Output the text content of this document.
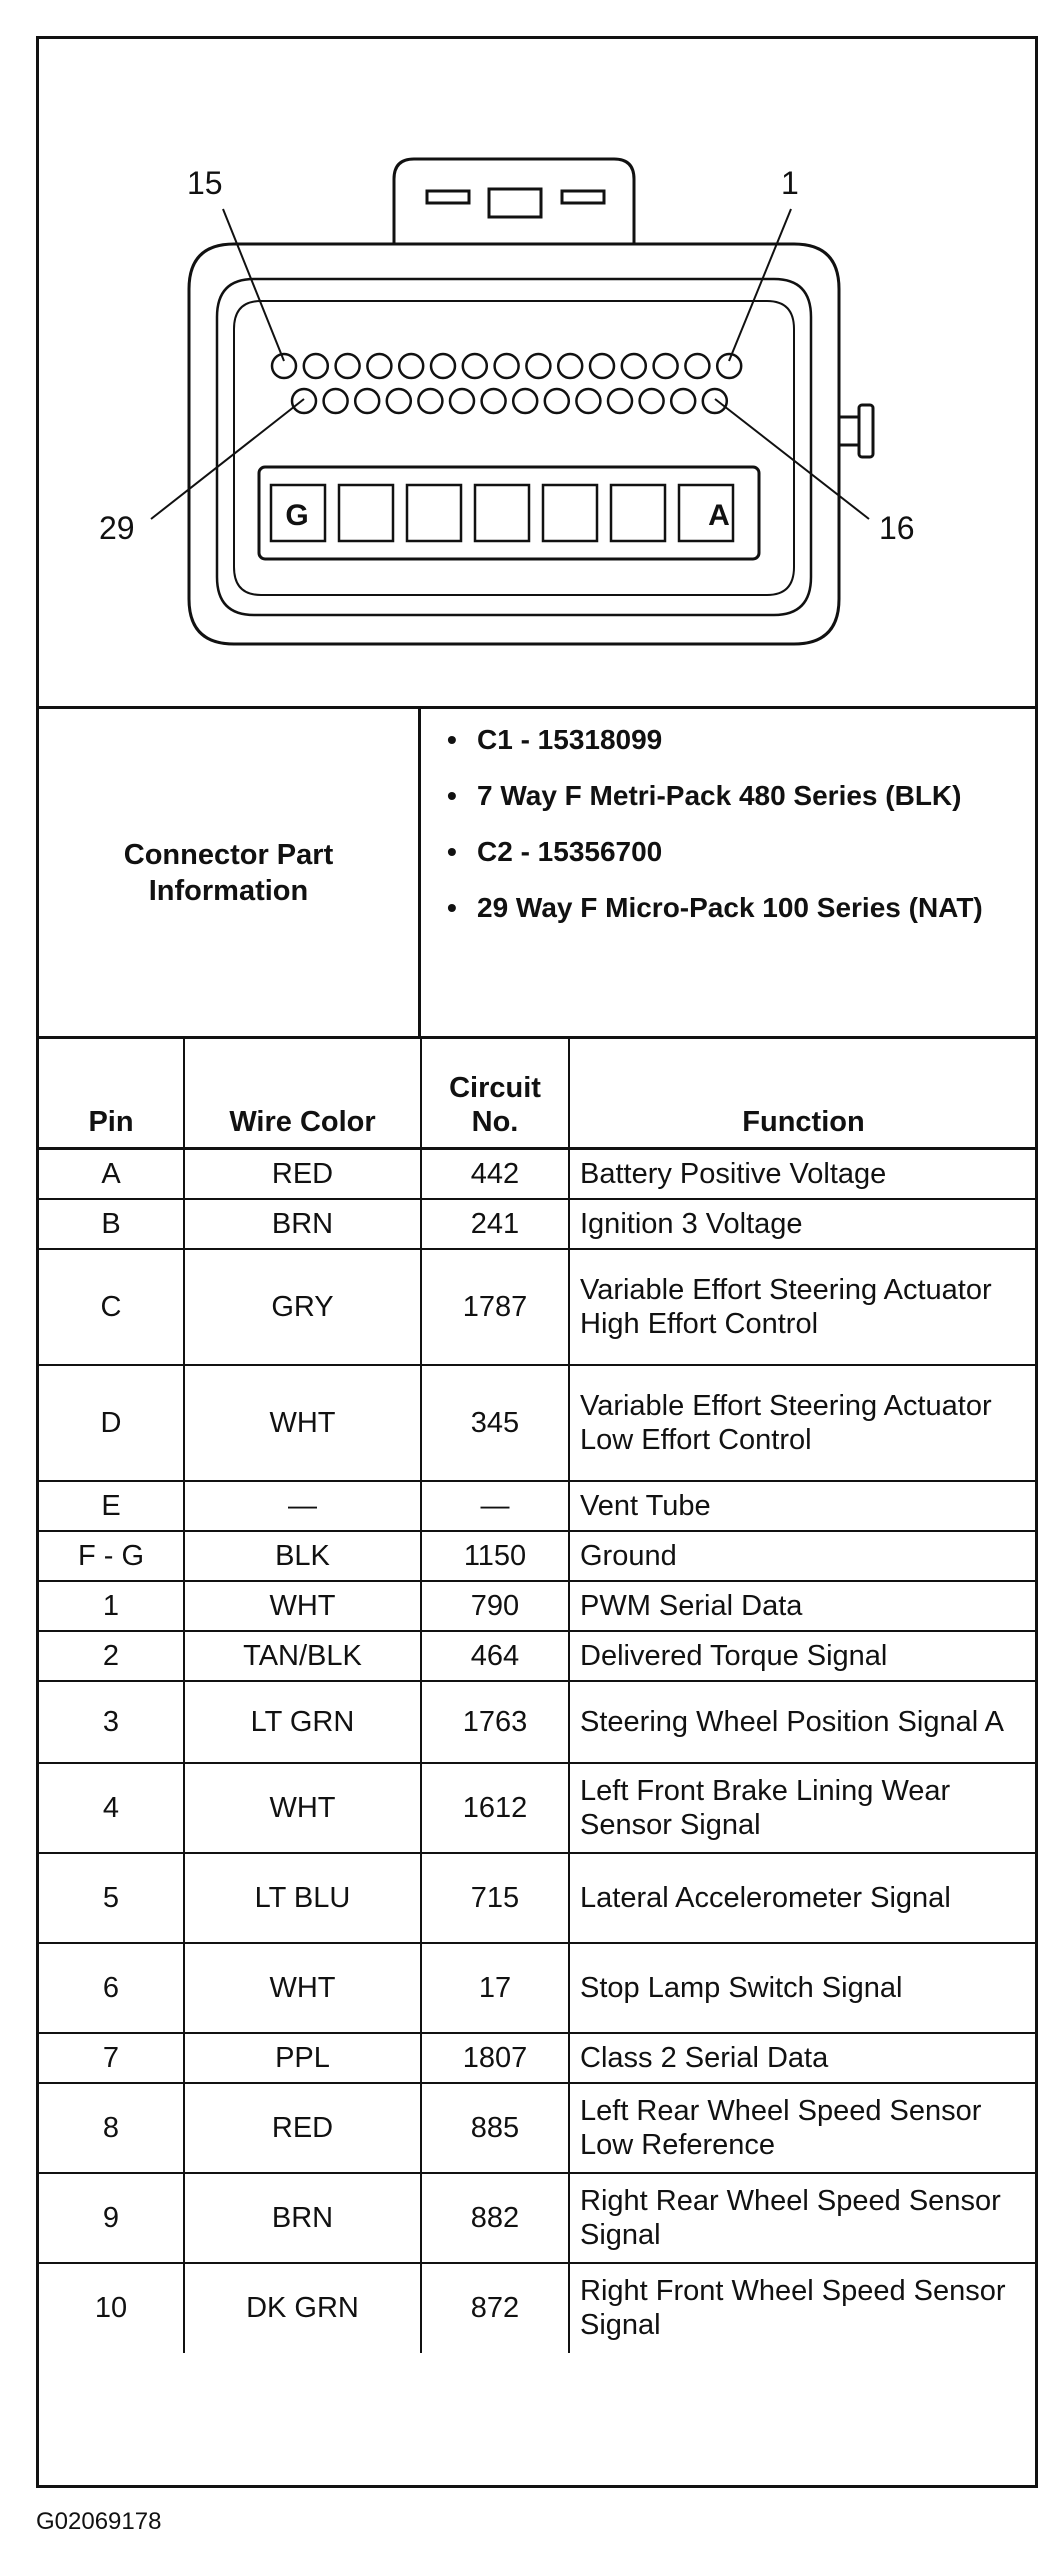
15	1
29	16
G	A
Connector Part Information
• C1 - 15318099
• 7 Way F Metri-Pack 480 Series (BLK)
• C2 - 15356700
• 29 Way F Micro-Pack 100 Series (NAT)
Pin	Wire Color	Circuit No.	Function
A	RED	442	Battery Positive Voltage
B	BRN	241	Ignition 3 Voltage
C	GRY	1787	Variable Effort Steering Actuator High Effort Control
D	WHT	345	Variable Effort Steering Actuator Low Effort Control
E	—	—	Vent Tube
F - G	BLK	1150	Ground
1	WHT	790	PWM Serial Data
2	TAN/BLK	464	Delivered Torque Signal
3	LT GRN	1763	Steering Wheel Position Signal A
4	WHT	1612	Left Front Brake Lining Wear Sensor Signal
5	LT BLU	715	Lateral Accelerometer Signal
6	WHT	17	Stop Lamp Switch Signal
7	PPL	1807	Class 2 Serial Data
8	RED	885	Left Rear Wheel Speed Sensor Low Reference
9	BRN	882	Right Rear Wheel Speed Sensor Signal
10	DK GRN	872	Right Front Wheel Speed Sensor Signal
G02069178
